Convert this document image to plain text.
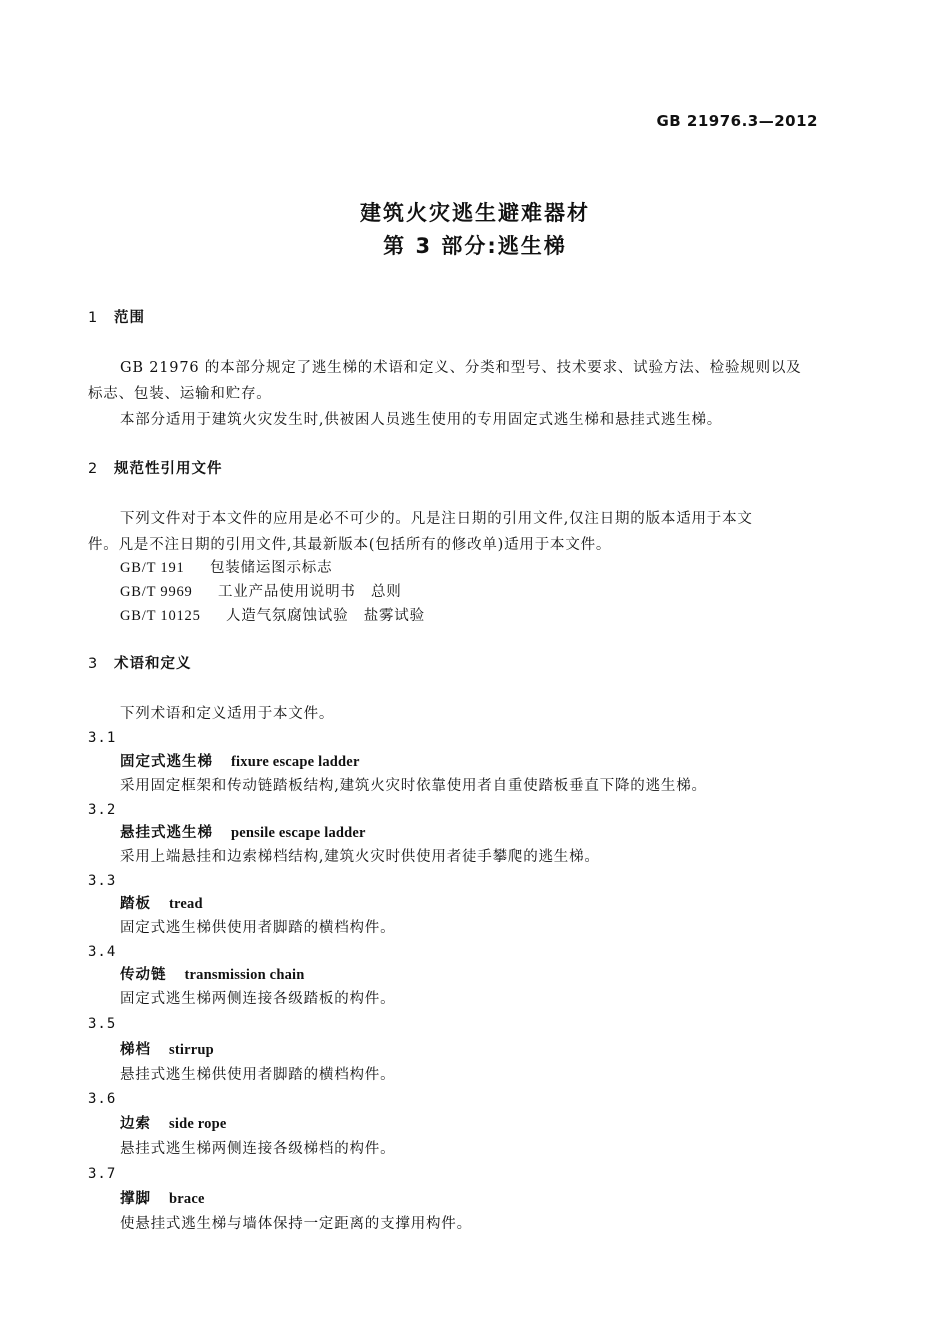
GB 21976.3—2012
建筑火灾逃生避难器材
第 3 部分:逃生梯
1 范围
GB 21976 的本部分规定了逃生梯的术语和定义、分类和型号、技术要求、试验方法、检验规则以及
标志、包装、运输和贮存。
本部分适用于建筑火灾发生时,供被困人员逃生使用的专用固定式逃生梯和悬挂式逃生梯。
2 规范性引用文件
下列文件对于本文件的应用是必不可少的。凡是注日期的引用文件,仅注日期的版本适用于本文
件。凡是不注日期的引用文件,其最新版本(包括所有的修改单)适用于本文件。
GB/T 191 包装储运图示标志
GB/T 9969 工业产品使用说明书　总则
GB/T 10125 人造气氛腐蚀试验　盐雾试验
3 术语和定义
下列术语和定义适用于本文件。
3.1
固定式逃生梯 fixure escape ladder
采用固定框架和传动链踏板结构,建筑火灾时依靠使用者自重使踏板垂直下降的逃生梯。
3.2
悬挂式逃生梯 pensile escape ladder
采用上端悬挂和边索梯档结构,建筑火灾时供使用者徒手攀爬的逃生梯。
3.3
踏板 tread
固定式逃生梯供使用者脚踏的横档构件。
3.4
传动链 transmission chain
固定式逃生梯两侧连接各级踏板的构件。
3.5
梯档 stirrup
悬挂式逃生梯供使用者脚踏的横档构件。
3.6
边索 side rope
悬挂式逃生梯两侧连接各级梯档的构件。
3.7
撑脚 brace
使悬挂式逃生梯与墙体保持一定距离的支撑用构件。
